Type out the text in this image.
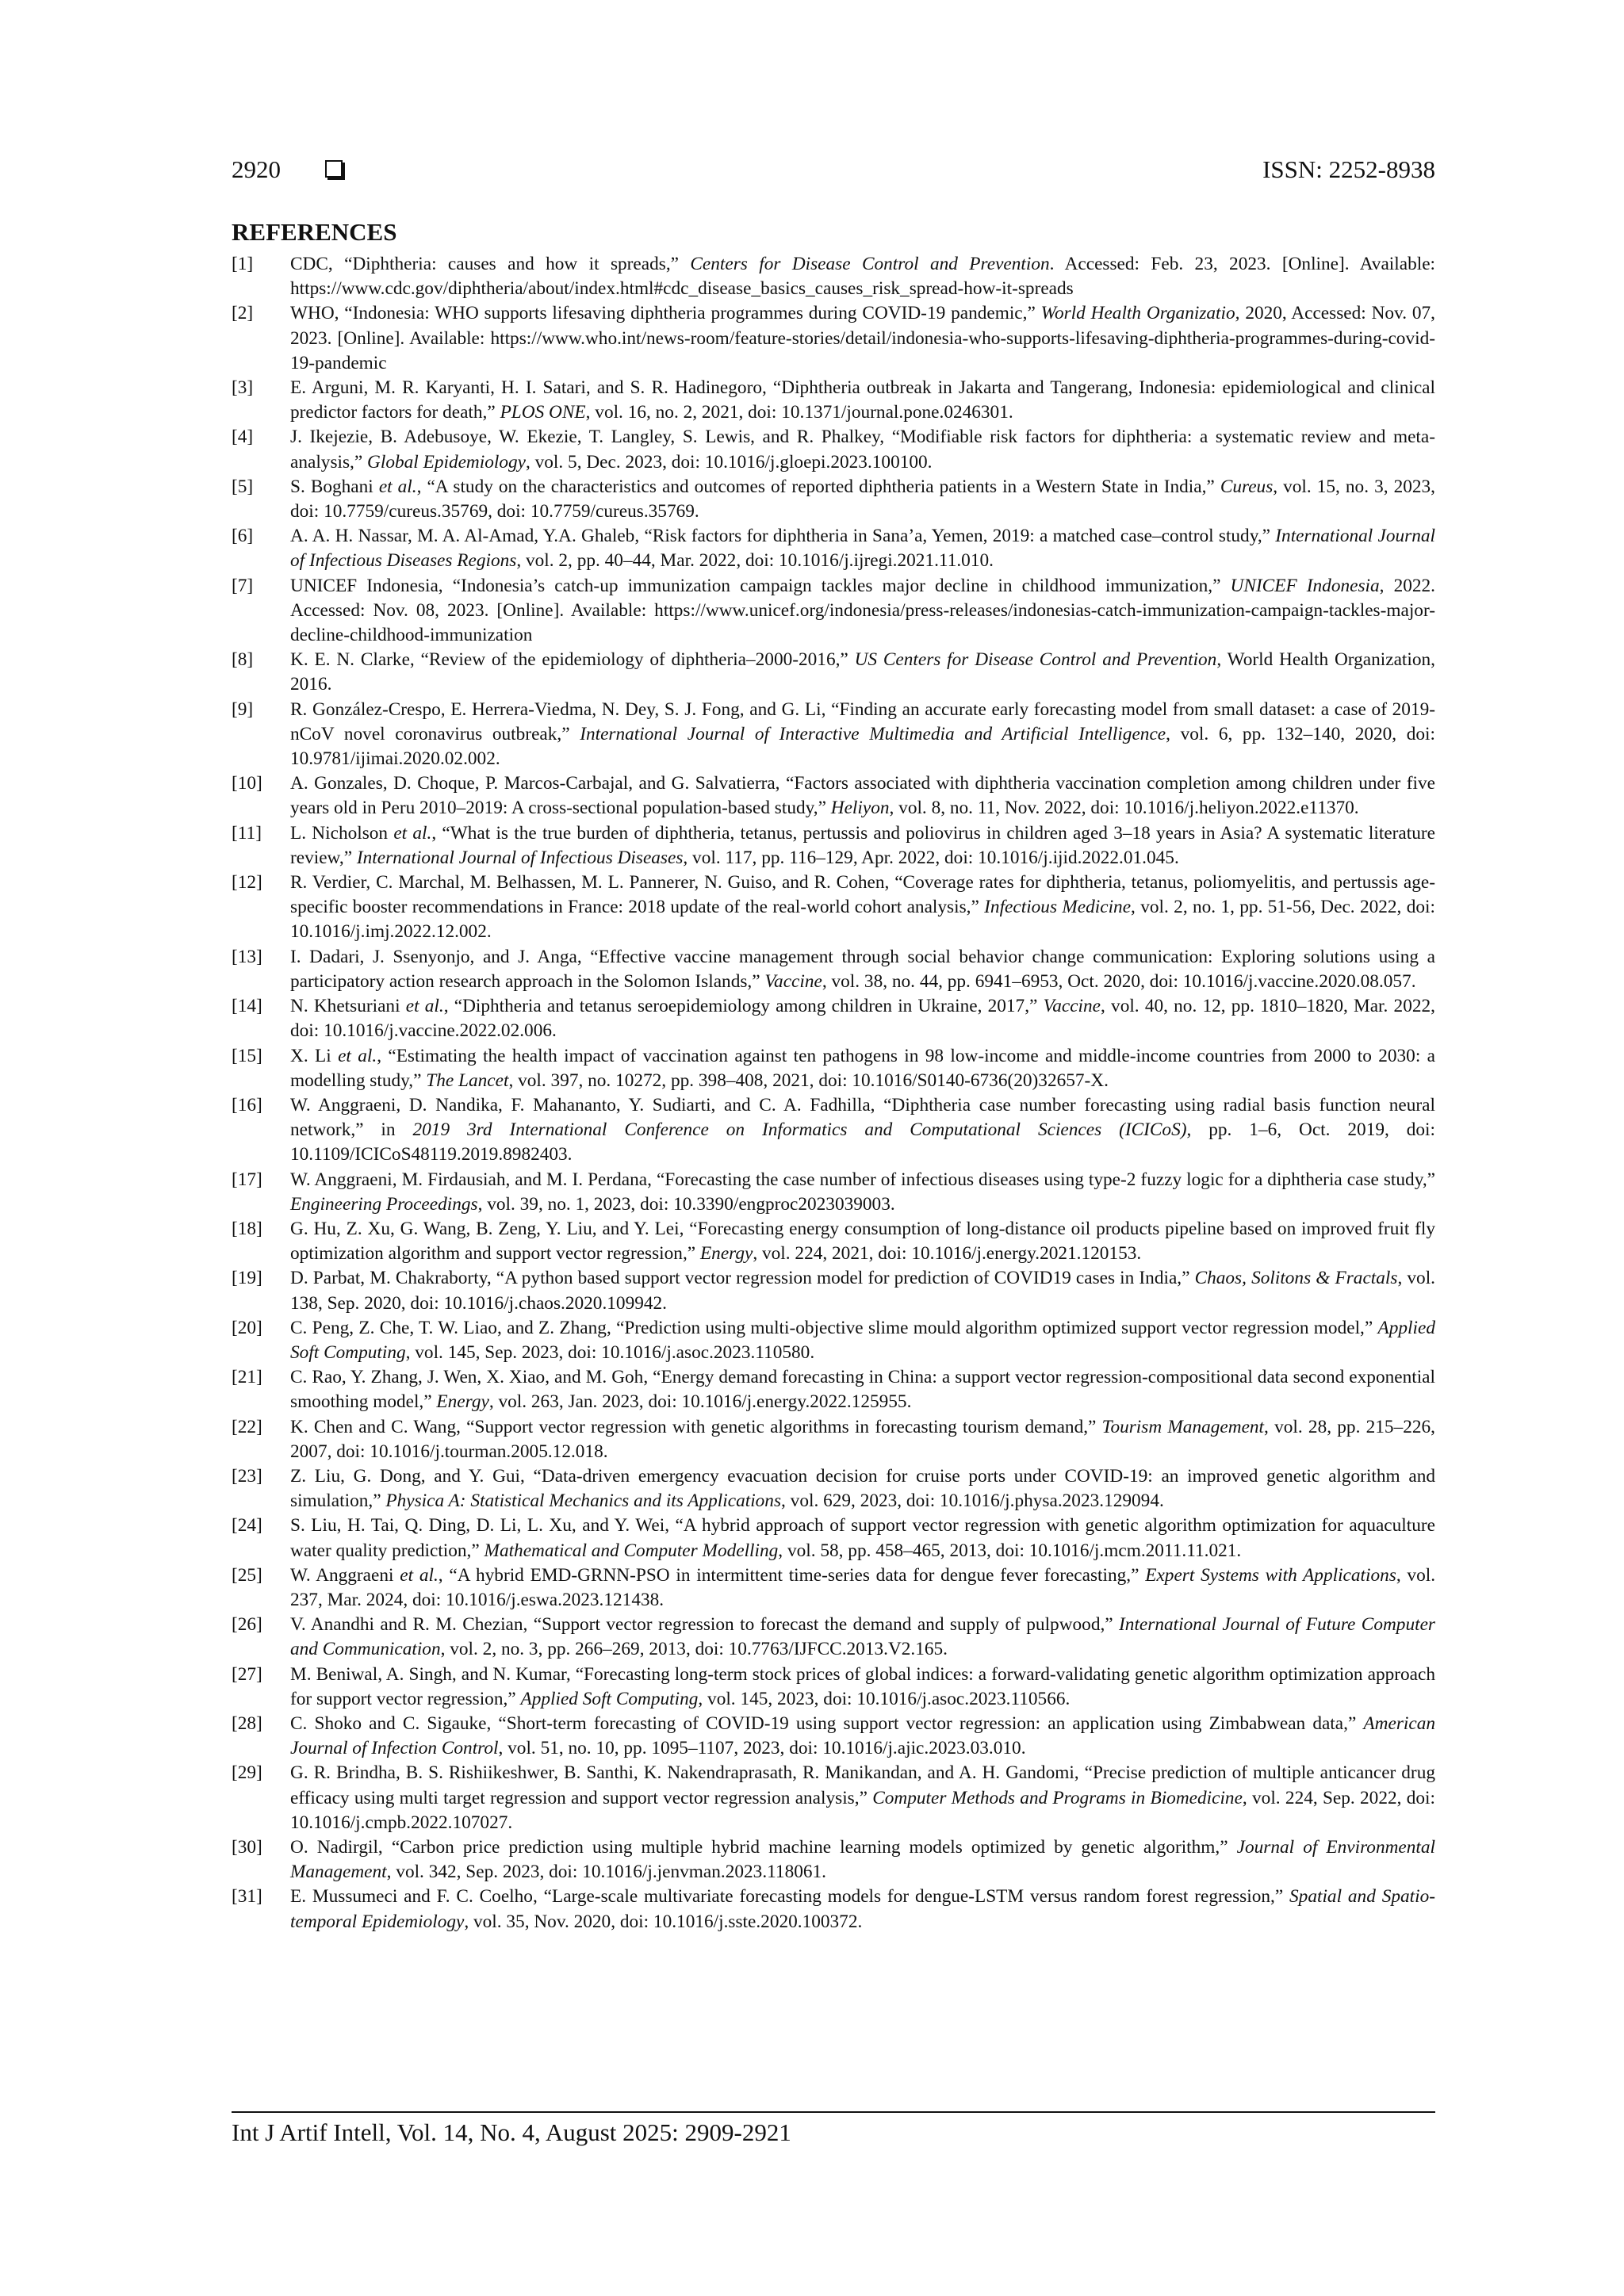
2920	ISSN: 2252-8938
REFERENCES
[1] CDC, “Diphtheria: causes and how it spreads,” Centers for Disease Control and Prevention. Accessed: Feb. 23, 2023. [Online]. Available: https://www.cdc.gov/diphtheria/about/index.html#cdc_disease_basics_causes_risk_spread-how-it-spreads
[2] WHO, “Indonesia: WHO supports lifesaving diphtheria programmes during COVID-19 pandemic,” World Health Organizatio, 2020, Accessed: Nov. 07, 2023. [Online]. Available: https://www.who.int/news-room/feature-stories/detail/indonesia-who-supports-lifesaving-diphtheria-programmes-during-covid-19-pandemic
[3] E. Arguni, M. R. Karyanti, H. I. Satari, and S. R. Hadinegoro, “Diphtheria outbreak in Jakarta and Tangerang, Indonesia: epidemiological and clinical predictor factors for death,” PLOS ONE, vol. 16, no. 2, 2021, doi: 10.1371/journal.pone.0246301.
[4] J. Ikejezie, B. Adebusoye, W. Ekezie, T. Langley, S. Lewis, and R. Phalkey, “Modifiable risk factors for diphtheria: a systematic review and meta-analysis,” Global Epidemiology, vol. 5, Dec. 2023, doi: 10.1016/j.gloepi.2023.100100.
[5] S. Boghani et al., “A study on the characteristics and outcomes of reported diphtheria patients in a Western State in India,” Cureus, vol. 15, no. 3, 2023, doi: 10.7759/cureus.35769, doi: 10.7759/cureus.35769.
[6] A. A. H. Nassar, M. A. Al-Amad, Y.A. Ghaleb, “Risk factors for diphtheria in Sana’a, Yemen, 2019: a matched case–control study,” International Journal of Infectious Diseases Regions, vol. 2, pp. 40–44, Mar. 2022, doi: 10.1016/j.ijregi.2021.11.010.
[7] UNICEF Indonesia, “Indonesia’s catch-up immunization campaign tackles major decline in childhood immunization,” UNICEF Indonesia, 2022. Accessed: Nov. 08, 2023. [Online]. Available: https://www.unicef.org/indonesia/press-releases/indonesias-catch-immunization-campaign-tackles-major-decline-childhood-immunization
[8] K. E. N. Clarke, “Review of the epidemiology of diphtheria–2000-2016,” US Centers for Disease Control and Prevention, World Health Organization, 2016.
[9] R. González-Crespo, E. Herrera-Viedma, N. Dey, S. J. Fong, and G. Li, “Finding an accurate early forecasting model from small dataset: a case of 2019-nCoV novel coronavirus outbreak,” International Journal of Interactive Multimedia and Artificial Intelligence, vol. 6, pp. 132–140, 2020, doi: 10.9781/ijimai.2020.02.002.
[10] A. Gonzales, D. Choque, P. Marcos-Carbajal, and G. Salvatierra, “Factors associated with diphtheria vaccination completion among children under five years old in Peru 2010–2019: A cross-sectional population-based study,” Heliyon, vol. 8, no. 11, Nov. 2022, doi: 10.1016/j.heliyon.2022.e11370.
[11] L. Nicholson et al., “What is the true burden of diphtheria, tetanus, pertussis and poliovirus in children aged 3–18 years in Asia? A systematic literature review,” International Journal of Infectious Diseases, vol. 117, pp. 116–129, Apr. 2022, doi: 10.1016/j.ijid.2022.01.045.
[12] R. Verdier, C. Marchal, M. Belhassen, M. L. Pannerer, N. Guiso, and R. Cohen, “Coverage rates for diphtheria, tetanus, poliomyelitis, and pertussis age-specific booster recommendations in France: 2018 update of the real-world cohort analysis,” Infectious Medicine, vol. 2, no. 1, pp. 51-56, Dec. 2022, doi: 10.1016/j.imj.2022.12.002.
[13] I. Dadari, J. Ssenyonjo, and J. Anga, “Effective vaccine management through social behavior change communication: Exploring solutions using a participatory action research approach in the Solomon Islands,” Vaccine, vol. 38, no. 44, pp. 6941–6953, Oct. 2020, doi: 10.1016/j.vaccine.2020.08.057.
[14] N. Khetsuriani et al., “Diphtheria and tetanus seroepidemiology among children in Ukraine, 2017,” Vaccine, vol. 40, no. 12, pp. 1810–1820, Mar. 2022, doi: 10.1016/j.vaccine.2022.02.006.
[15] X. Li et al., “Estimating the health impact of vaccination against ten pathogens in 98 low-income and middle-income countries from 2000 to 2030: a modelling study,” The Lancet, vol. 397, no. 10272, pp. 398–408, 2021, doi: 10.1016/S0140-6736(20)32657-X.
[16] W. Anggraeni, D. Nandika, F. Mahananto, Y. Sudiarti, and C. A. Fadhilla, “Diphtheria case number forecasting using radial basis function neural network,” in 2019 3rd International Conference on Informatics and Computational Sciences (ICICoS), pp. 1–6, Oct. 2019, doi: 10.1109/ICICoS48119.2019.8982403.
[17] W. Anggraeni, M. Firdausiah, and M. I. Perdana, “Forecasting the case number of infectious diseases using type-2 fuzzy logic for a diphtheria case study,” Engineering Proceedings, vol. 39, no. 1, 2023, doi: 10.3390/engproc2023039003.
[18] G. Hu, Z. Xu, G. Wang, B. Zeng, Y. Liu, and Y. Lei, “Forecasting energy consumption of long-distance oil products pipeline based on improved fruit fly optimization algorithm and support vector regression,” Energy, vol. 224, 2021, doi: 10.1016/j.energy.2021.120153.
[19] D. Parbat, M. Chakraborty, “A python based support vector regression model for prediction of COVID19 cases in India,” Chaos, Solitons & Fractals, vol. 138, Sep. 2020, doi: 10.1016/j.chaos.2020.109942.
[20] C. Peng, Z. Che, T. W. Liao, and Z. Zhang, “Prediction using multi-objective slime mould algorithm optimized support vector regression model,” Applied Soft Computing, vol. 145, Sep. 2023, doi: 10.1016/j.asoc.2023.110580.
[21] C. Rao, Y. Zhang, J. Wen, X. Xiao, and M. Goh, “Energy demand forecasting in China: a support vector regression-compositional data second exponential smoothing model,” Energy, vol. 263, Jan. 2023, doi: 10.1016/j.energy.2022.125955.
[22] K. Chen and C. Wang, “Support vector regression with genetic algorithms in forecasting tourism demand,” Tourism Management, vol. 28, pp. 215–226, 2007, doi: 10.1016/j.tourman.2005.12.018.
[23] Z. Liu, G. Dong, and Y. Gui, “Data-driven emergency evacuation decision for cruise ports under COVID-19: an improved genetic algorithm and simulation,” Physica A: Statistical Mechanics and its Applications, vol. 629, 2023, doi: 10.1016/j.physa.2023.129094.
[24] S. Liu, H. Tai, Q. Ding, D. Li, L. Xu, and Y. Wei, “A hybrid approach of support vector regression with genetic algorithm optimization for aquaculture water quality prediction,” Mathematical and Computer Modelling, vol. 58, pp. 458–465, 2013, doi: 10.1016/j.mcm.2011.11.021.
[25] W. Anggraeni et al., “A hybrid EMD-GRNN-PSO in intermittent time-series data for dengue fever forecasting,” Expert Systems with Applications, vol. 237, Mar. 2024, doi: 10.1016/j.eswa.2023.121438.
[26] V. Anandhi and R. M. Chezian, “Support vector regression to forecast the demand and supply of pulpwood,” International Journal of Future Computer and Communication, vol. 2, no. 3, pp. 266–269, 2013, doi: 10.7763/IJFCC.2013.V2.165.
[27] M. Beniwal, A. Singh, and N. Kumar, “Forecasting long-term stock prices of global indices: a forward-validating genetic algorithm optimization approach for support vector regression,” Applied Soft Computing, vol. 145, 2023, doi: 10.1016/j.asoc.2023.110566.
[28] C. Shoko and C. Sigauke, “Short-term forecasting of COVID-19 using support vector regression: an application using Zimbabwean data,” American Journal of Infection Control, vol. 51, no. 10, pp. 1095–1107, 2023, doi: 10.1016/j.ajic.2023.03.010.
[29] G. R. Brindha, B. S. Rishiikeshwer, B. Santhi, K. Nakendraprasath, R. Manikandan, and A. H. Gandomi, “Precise prediction of multiple anticancer drug efficacy using multi target regression and support vector regression analysis,” Computer Methods and Programs in Biomedicine, vol. 224, Sep. 2022, doi: 10.1016/j.cmpb.2022.107027.
[30] O. Nadirgil, “Carbon price prediction using multiple hybrid machine learning models optimized by genetic algorithm,” Journal of Environmental Management, vol. 342, Sep. 2023, doi: 10.1016/j.jenvman.2023.118061.
[31] E. Mussumeci and F. C. Coelho, “Large-scale multivariate forecasting models for dengue-LSTM versus random forest regression,” Spatial and Spatio-temporal Epidemiology, vol. 35, Nov. 2020, doi: 10.1016/j.sste.2020.100372.
Int J Artif Intell, Vol. 14, No. 4, August 2025: 2909-2921
